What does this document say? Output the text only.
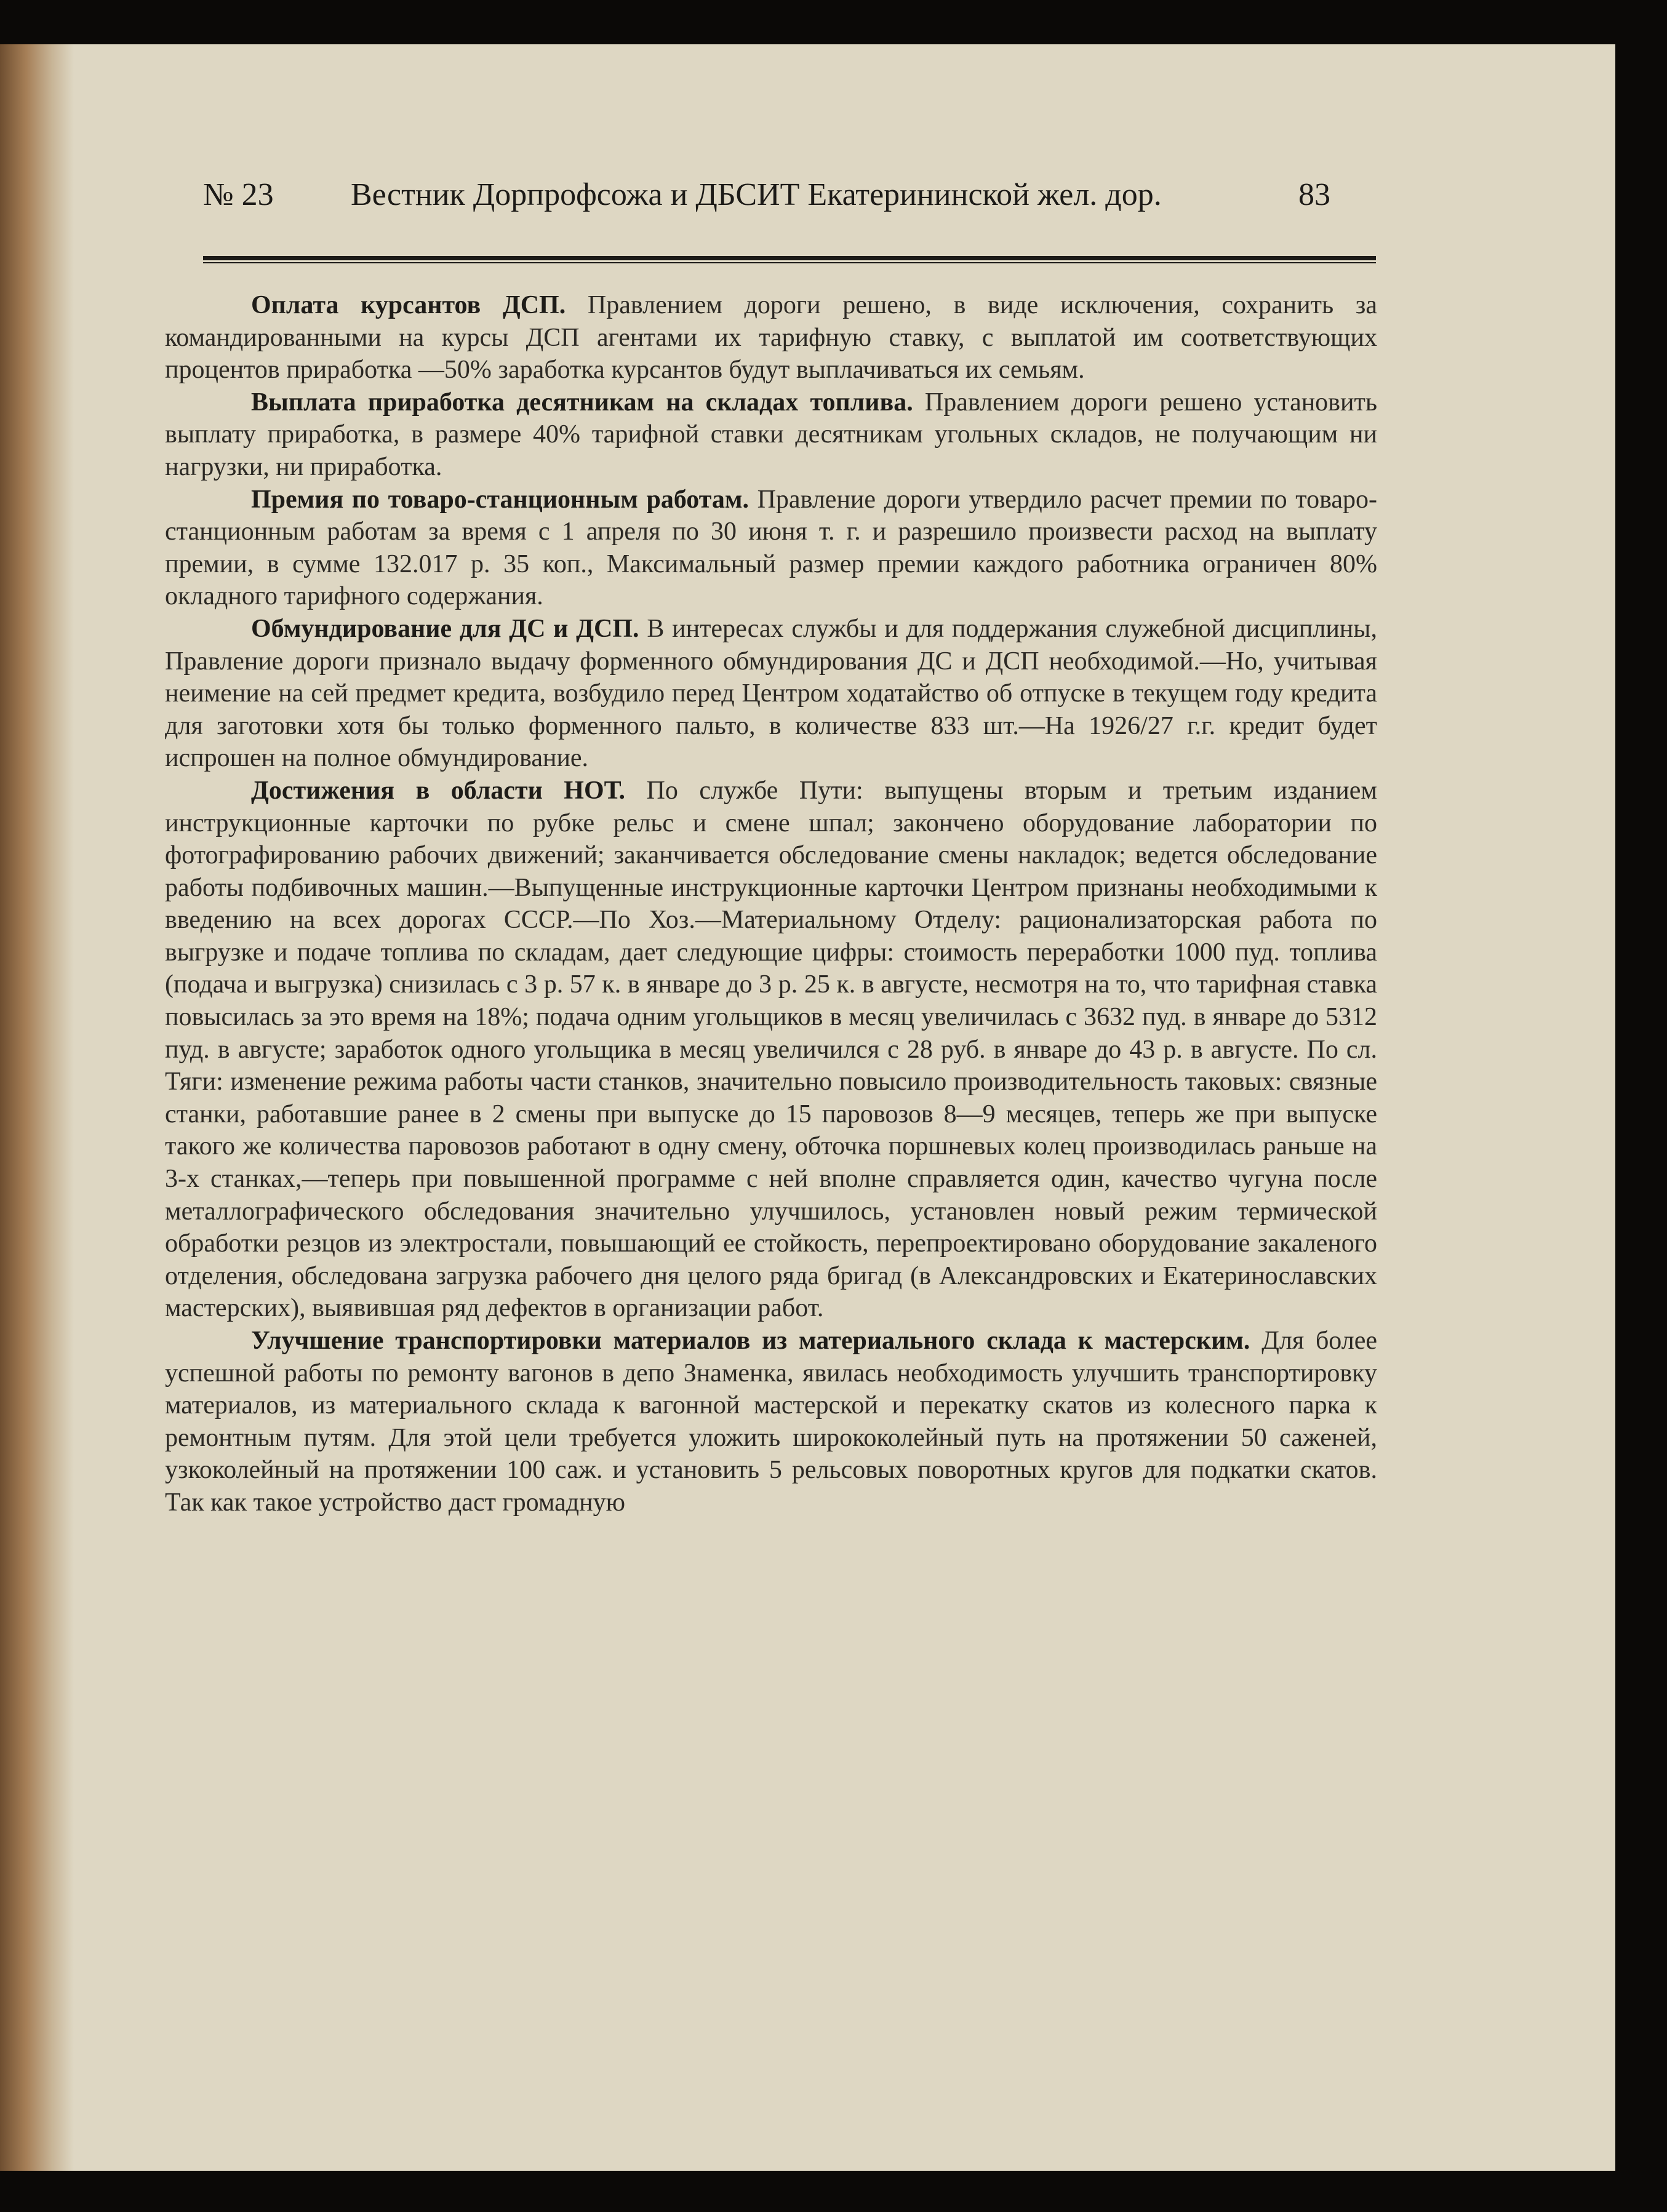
№ 23 Вестник Дорпрофсожа и ДБСИТ Екатерининской жел. дор.	83

Оплата курсантов ДСП. Правлением дороги решено, в виде исключения, сохранить за командированными на курсы ДСП агентами их тарифную ставку, с выплатой им соответствующих процентов приработка —50% заработка курсантов будут выплачиваться их семьям.

Выплата приработка десятникам на складах топлива. Правлением дороги решено установить выплату приработка, в размере 40% тарифной ставки десятникам угольных складов, не получающим ни нагрузки, ни приработка.

Премия по товаро-станционным работам. Правление дороги утвердило расчет премии по товаро-станционным работам за время с 1 апреля по 30 июня т. г. и разрешило произвести расход на выплату премии, в сумме 132.017 р. 35 коп., Максимальный размер премии каждого работника ограничен 80% окладного тарифного содержания.

Обмундирование для ДС и ДСП. В интересах службы и для поддержания служебной дисциплины, Правление дороги признало выдачу форменного обмундирования ДС и ДСП необходимой.—Но, учитывая неимение на сей предмет кредита, возбудило перед Центром ходатайство об отпуске в текущем году кредита для заготовки хотя бы только форменного пальто, в количестве 833 шт.—На 1926/27 г.г. кредит будет испрошен на полное обмундирование.

Достижения в области НОТ. По службе Пути: выпущены вторым и третьим изданием инструкционные карточки по рубке рельс и смене шпал; закончено оборудование лаборатории по фотографированию рабочих движений; заканчивается обследование смены накладок; ведется обследование работы подбивочных машин.—Выпущенные инструкционные карточки Центром признаны необходимыми к введению на всех дорогах СССР.—По Хоз.—Материальному Отделу: рационализаторская работа по выгрузке и подаче топлива по складам, дает следующие цифры: стоимость переработки 1000 пуд. топлива (подача и выгрузка) снизилась с 3 р. 57 к. в январе до 3 р. 25 к. в августе, несмотря на то, что тарифная ставка повысилась за это время на 18%; подача одним угольщиков в месяц увеличилась с 3632 пуд. в январе до 5312 пуд. в августе; заработок одного угольщика в месяц увеличился с 28 руб. в январе до 43 р. в августе. По сл. Тяги: изменение режима работы части станков, значительно повысило производительность таковых: связные станки, работавшие ранее в 2 смены при выпуске до 15 паровозов 8—9 месяцев, теперь же при выпуске такого же количества паровозов работают в одну смену, обточка поршневых колец производилась раньше на 3-х станках,—теперь при повышенной программе с ней вполне справляется один, качество чугуна после металлографического обследования значительно улучшилось, установлен новый режим термической обработки резцов из электростали, повышающий ее стойкость, перепроектировано оборудование закаленого отделения, обследована загрузка рабочего дня целого ряда бригад (в Александровских и Екатеринославских мастерских), выявившая ряд дефектов в организации работ.

Улучшение транспортировки материалов из материального склада к мастерским. Для более успешной работы по ремонту вагонов в депо Знаменка, явилась необходимость улучшить транспортировку материалов, из материального склада к вагонной мастерской и перекатку скатов из колесного парка к ремонтным путям. Для этой цели требуется уложить ширококолейный путь на протяжении 50 саженей, узкоколейный на протяжении 100 саж. и установить 5 рельсовых поворотных кругов для подкатки скатов. Так как такое устройство даст громадную
